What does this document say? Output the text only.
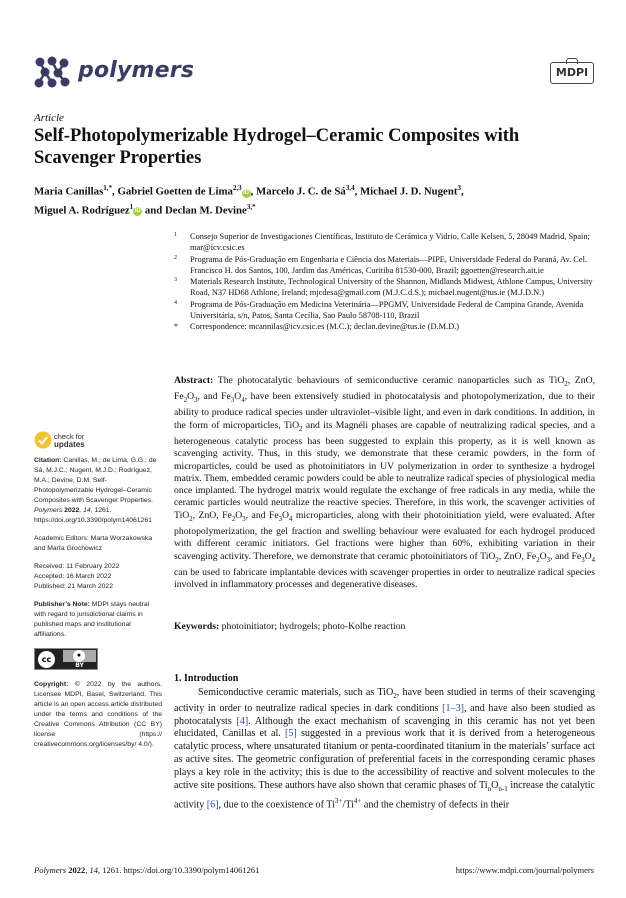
polymers	MDPI
Article
Self-Photopolymerizable Hydrogel–Ceramic Composites with Scavenger Properties
Maria Canillas$^{1,*}$, Gabriel Goetten de Lima$^{2,3}$iD , Marcelo J. C. de Sá$^{3,4}$, Michael J. D. Nugent$^3$,
Miguel A. Rodríguez$^1$iD and Declan M. Devine$^{3,*}$
1 Consejo Superior de Investigaciones Científicas, Instituto de Cerámica y Vidrio, Calle Kelsen, 5, 28049 Madrid, Spain; mar@icv.csic.es
2 Programa de Pós-Graduação em Engenharia e Ciência dos Materiais—PIPE, Universidade Federal do Paraná, Av. Cel. Francisco H. dos Santos, 100, Jardim das Américas, Curitiba 81530-000, Brazil; ggoetten@research.ait.ie
3 Materials Research Institute, Technological University of the Shannon, Midlands Midwest, Athlone Campus, University Road, N37 HD68 Athlone, Ireland; mjcdesa@gmail.com (M.J.C.d.S.); michael.nugent@tus.ie (M.J.D.N.)
4 Programa de Pós-Graduação em Medicina Veterinária—PPGMV, Universidade Federal de Campina Grande, Avenida Universitária, s/n, Patos, Santa Cecília, Sao Paulo 58708-110, Brazil
* Correspondence: mcannilas@icv.csic.es (M.C.); declan.devine@tus.ie (D.M.D.)
Abstract: The photocatalytic behaviours of semiconductive ceramic nanoparticles such as TiO$_2$, ZnO, $Fe_2O_3$, and $Fe_3O_4$, have been extensively studied in photocatalysis and photopolymerization, due to their ability to produce radical species under ultraviolet–visible light, and even in dark conditions. In addition, in the form of microparticles, TiO$_2$ and its Magnéli phases are capable of neutralizing radical species, and a heterogeneous catalytic process has been suggested to explain this property, as it is well known as scavenging activity. Thus, in this study, we demonstrate that these ceramic powders, in the form of microparticles, could be used as photoinitiators in UV polymerization in order to synthesize a hydrogel matrix. Them, embedded ceramic powders could be able to neutralize radical species of physiological media once implanted. The hydrogel matrix would regulate the exchange of free radicals in any media, while the ceramic particles would neutralize the reactive species. Therefore, in this work, the scavenger activities of TiO$_2$, ZnO, $Fe_2O_3$, and $Fe_3O_4$ microparticles, along with their photoinitiation yield, were evaluated. After photopolymerization, the gel fraction and swelling behaviour were evaluated for each hydrogel produced with different ceramic initiators. Gel fractions were higher than 60%, exhibiting variation in their scavenging activity. Therefore, we demonstrate that ceramic photoinitiators of TiO$_2$, ZnO, $Fe_2O_3$, and $Fe_3O_4$ can be used to fabricate implantable devices with scavenger properties in order to neutralize radical species involved in inflammatory processes and degenerative diseases.
Keywords: photoinitiator; hydrogels; photo-Kolbe reaction
check for
updates
Citation: Canillas, M.; de Lima, G.G.; de Sá, M.J.C.; Nugent, M.J.D.; Rodríguez, M.A.; Devine, D.M. Self-Photopolymerizable Hydrogel–Ceramic Composites with Scavenger Properties. Polymers 2022, 14, 1261. https://doi.org/10.3390/polym14061261
Academic Editors: Marta Worzakowska and Marta Grochowicz
Received: 11 February 2022
Accepted: 16 March 2022
Published: 21 March 2022
Publisher’s Note: MDPI stays neutral with regard to jurisdictional claims in published maps and institutional affiliations.
cc	●
BY
Copyright: © 2022 by the authors. Licensee MDPI, Basel, Switzerland. This article is an open access article distributed under the terms and conditions of the Creative Commons Attribution (CC BY) license (https:// creativecommons.org/licenses/by/ 4.0/).
1. Introduction
Semiconductive ceramic materials, such as TiO$_2$, have been studied in terms of their scavenging activity in order to neutralize radical species in dark conditions [1–3], and have also been studied as photocatalysts [4]. Although the exact mechanism of scavenging in this ceramic has not yet been elucidated, Canillas et al. [5] suggested in a previous work that it is derived from a heterogeneous catalytic process, where unsaturated titanium or penta-coordinated titanium in the materials’ surface act as active sites. The geometric configuration of preferential facets in the corresponding ceramic phases plays a key role in the activity; this is due to the accessibility of reactive and solvent molecules to the active site positions. These authors have also shown that ceramic phases of $Ti_nO_{n-1}$ increase the catalytic activity [6], due to the coexistence of $Ti^{3+}/Ti^{4+}$ and the chemistry of defects in their
Polymers 2022, 14, 1261. https://doi.org/10.3390/polym14061261	https://www.mdpi.com/journal/polymers
